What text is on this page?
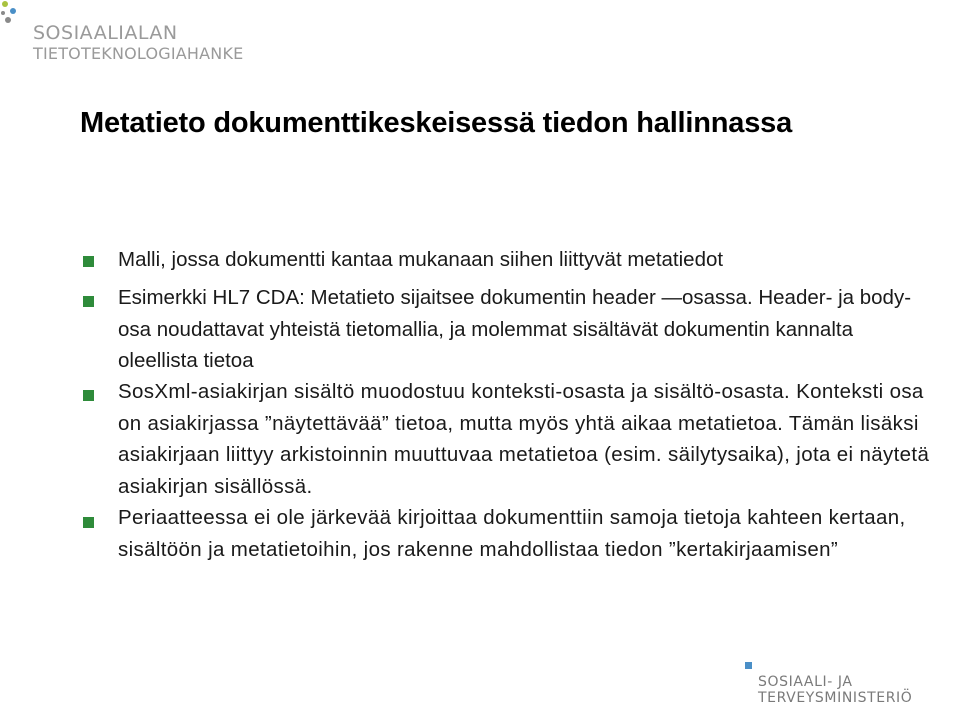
SOSIAALIALAN
TIETOTEKNOLOGIAHANKE
Metatieto dokumenttikeskeisessä tiedon hallinnassa
Malli, jossa dokumentti kantaa mukanaan siihen liittyvät metatiedot
Esimerkki HL7 CDA: Metatieto sijaitsee dokumentin header —osassa. Header- ja body-osa noudattavat yhteistä tietomallia, ja molemmat sisältävät dokumentin kannalta oleellista tietoa
SosXml-asiakirjan sisältö muodostuu konteksti-osasta ja sisältö-osasta. Konteksti osa on asiakirjassa ”näytettävää” tietoa, mutta myös yhtä aikaa metatietoa. Tämän lisäksi asiakirjaan liittyy arkistoinnin muuttuvaa metatietoa (esim. säilytysaika), jota ei näytetä asiakirjan sisällössä.
Periaatteessa ei ole järkevää kirjoittaa dokumenttiin samoja tietoja kahteen kertaan, sisältöön ja metatietoihin, jos rakenne mahdollistaa tiedon ”kertakirjaamisen”
SOSIAALI- JA
TERVEYSMINISTERIÖ
